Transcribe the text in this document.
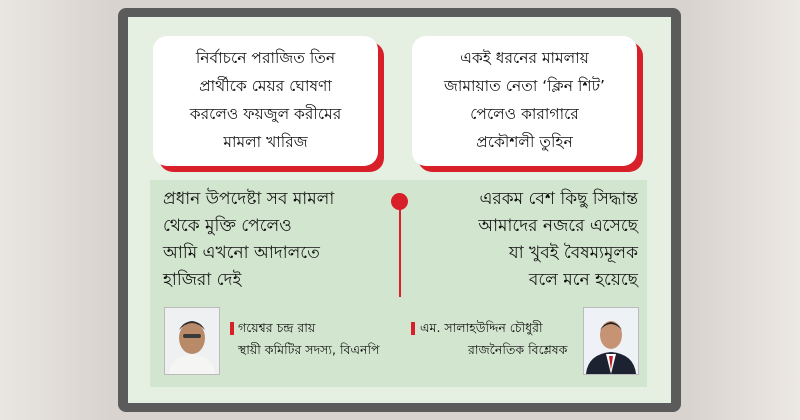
নির্বাচনে পরাজিত তিন
প্রার্থীকে মেয়র ঘোষণা
করলেও ফয়জুল করীমের
মামলা খারিজ
একই ধরনের মামলায়
জামায়াত নেতা ‘ক্লিন শিট’
পেলেও কারাগারে
প্রকৌশলী তুহিন
প্রধান উপদেষ্টা সব মামলা
থেকে মুক্তি পেলেও
আমি এখনো আদালতে
হাজিরা দেই
এরকম বেশ কিছু সিদ্ধান্ত
আমাদের নজরে এসেছে
যা খুবই বৈষম্যমূলক
বলে মনে হয়েছে
গয়েশ্বর চন্দ্র রায়
স্থায়ী কমিটির সদস্য, বিএনপি
এম. সালাহউদ্দিন চৌধুরী
রাজনৈতিক বিশ্লেষক
